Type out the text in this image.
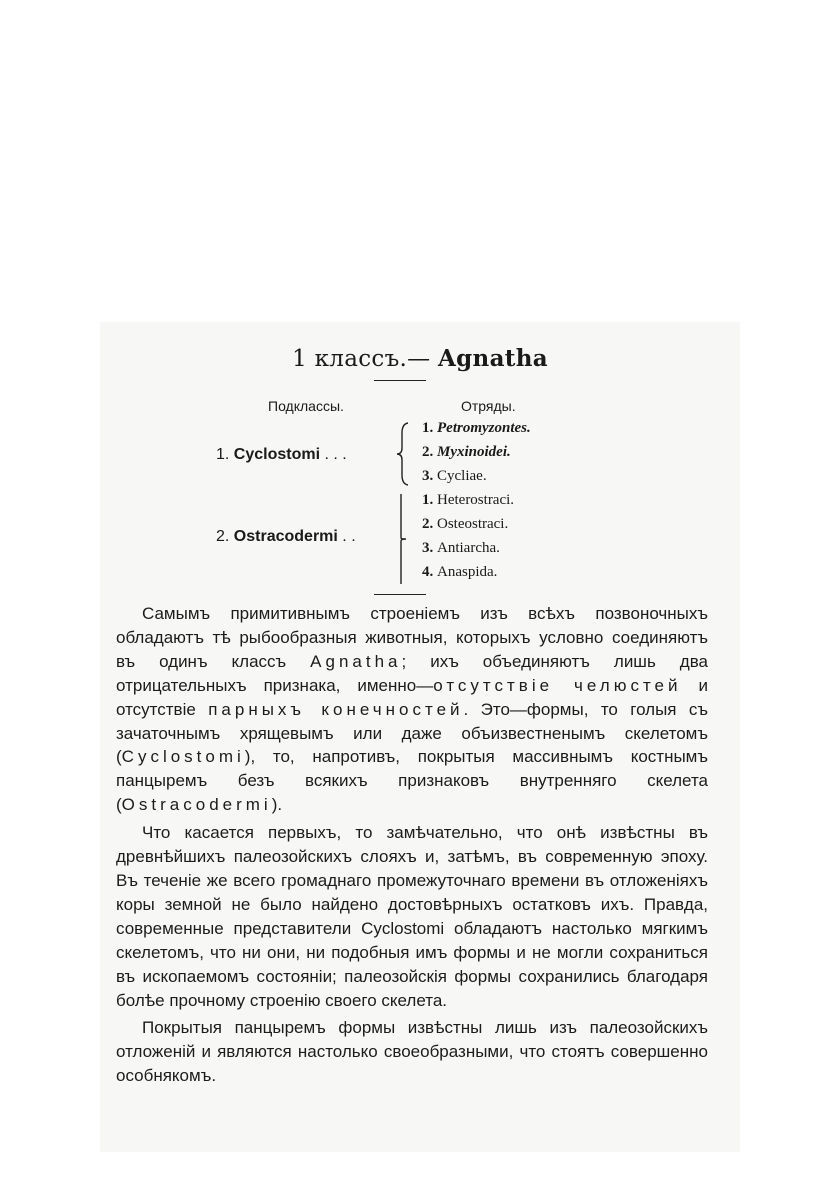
1 классъ.— Agnatha
Подклассы.	Отряды.
1. Cyclostomi . . .
1. Petromyzontes.
2. Myxinoidei.
3. Cycliae.
2. Ostracodermi . .
1. Heterostraci.
2. Osteostraci.
3. Antiarcha.
4. Anaspida.

Самымъ примитивнымъ строеніемъ изъ всѣхъ позвоночныхъ обладаютъ тѣ рыбообразныя животныя, которыхъ условно соединяютъ въ одинъ классъ Agnatha; ихъ объединяютъ лишь два отрицательныхъ признака, именно—отсутствіе челюстей и отсутствіе парныхъ конечностей. Это—формы, то голыя съ зачаточнымъ хрящевымъ или даже объизвестненымъ скелетомъ (Cyclostomi), то, напротивъ, покрытыя массивнымъ костнымъ панцыремъ безъ всякихъ признаковъ внутренняго скелета (Ostracodermi).

Что касается первыхъ, то замѣчательно, что онѣ извѣстны въ древнѣйшихъ палеозойскихъ слояхъ и, затѣмъ, въ современную эпоху. Въ теченіе же всего громаднаго промежуточнаго времени въ отложеніяхъ коры земной не было найдено достовѣрныхъ остатковъ ихъ. Правда, современные представители Cyclostomi обладаютъ настолько мягкимъ скелетомъ, что ни они, ни подобныя имъ формы и не могли сохраниться въ ископаемомъ состояніи; палеозойскія формы сохранились благодаря болѣе прочному строенію своего скелета.

Покрытыя панцыремъ формы извѣстны лишь изъ палеозойскихъ отложеній и являются настолько своеобразными, что стоятъ совершенно особнякомъ.
